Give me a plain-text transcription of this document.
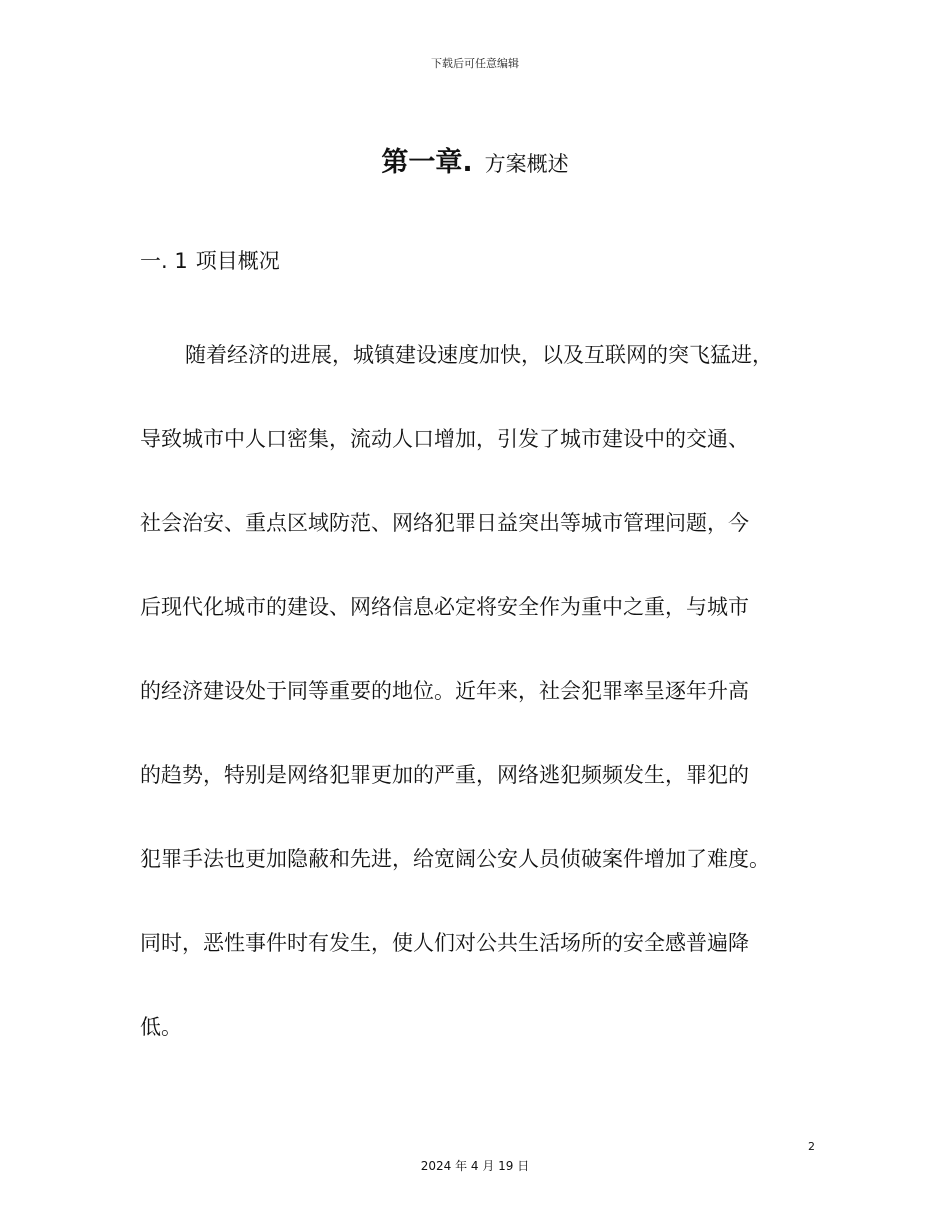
下载后可任意编辑
第一章. 方案概述
一. 1 项目概况
随着经济的进展，城镇建设速度加快，以及互联网的突飞猛进，
导致城市中人口密集，流动人口增加，引发了城市建设中的交通、
社会治安、重点区域防范、网络犯罪日益突出等城市管理问题，今
后现代化城市的建设、网络信息必定将安全作为重中之重，与城市
的经济建设处于同等重要的地位。近年来，社会犯罪率呈逐年升高
的趋势，特别是网络犯罪更加的严重，网络逃犯频频发生，罪犯的
犯罪手法也更加隐蔽和先进，给宽阔公安人员侦破案件增加了难度。
同时，恶性事件时有发生，使人们对公共生活场所的安全感普遍降
低。
2
2024 年 4 月 19 日
